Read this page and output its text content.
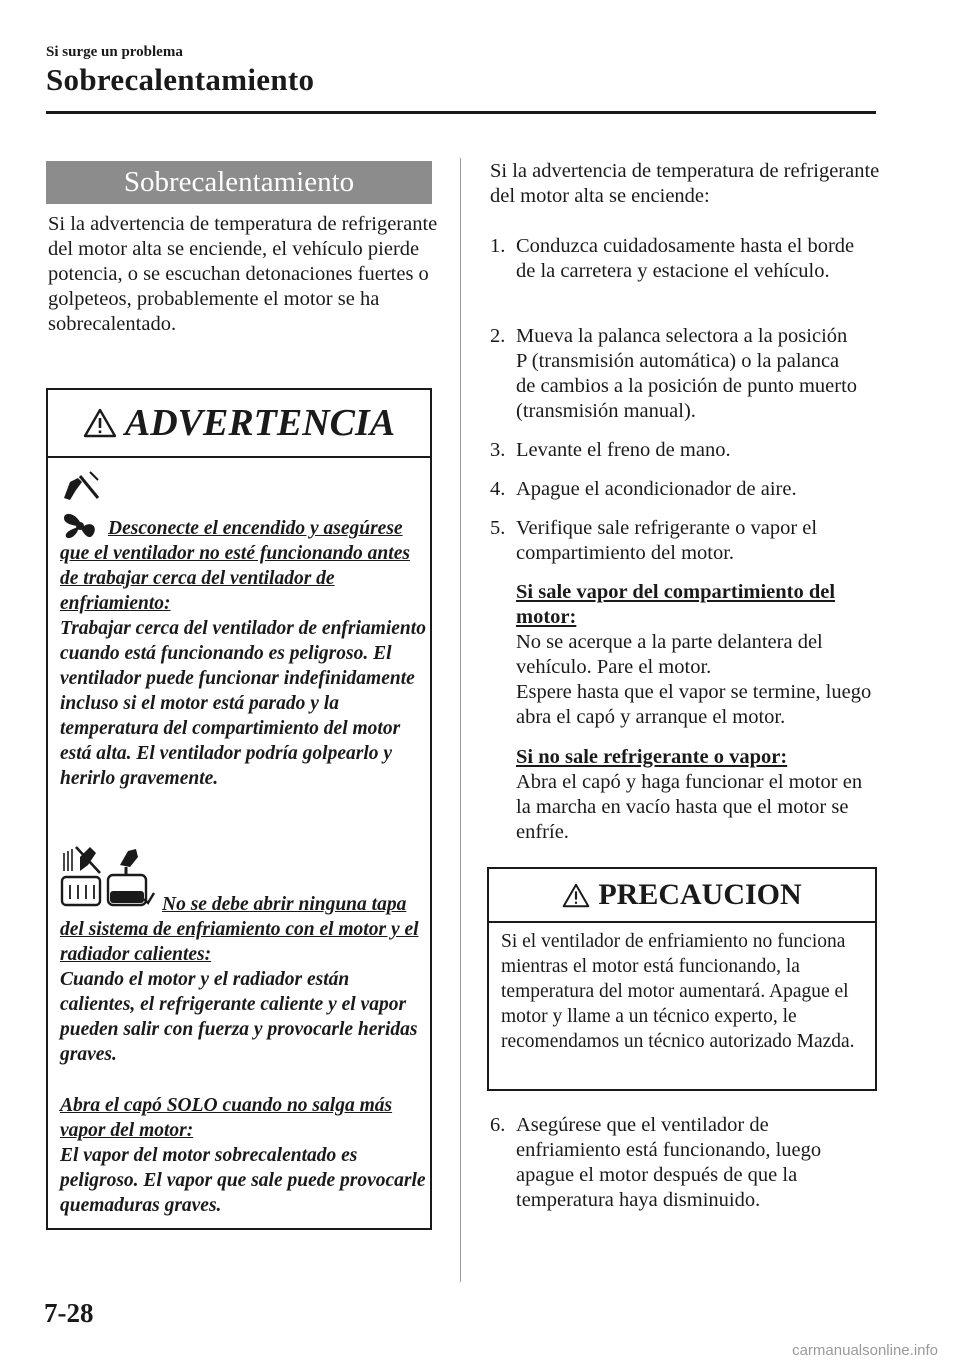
Si surge un problema
Sobrecalentamiento
Sobrecalentamiento

Si la advertencia de temperatura de refrigerante del motor alta se enciende, el vehículo pierde potencia, o se escuchan detonaciones fuertes o golpeteos, probablemente el motor se ha sobrecalentado.

ADVERTENCIA
Desconecte el encendido y asegúrese que el ventilador no esté funcionando antes de trabajar cerca del ventilador de enfriamiento:
Trabajar cerca del ventilador de enfriamiento cuando está funcionando es peligroso. El ventilador puede funcionar indefinidamente incluso si el motor está parado y la temperatura del compartimiento del motor está alta. El ventilador podría golpearlo y herirlo gravemente.
No se debe abrir ninguna tapa del sistema de enfriamiento con el motor y el radiador calientes:
Cuando el motor y el radiador están calientes, el refrigerante caliente y el vapor pueden salir con fuerza y provocarle heridas graves.
Abra el capó SOLO cuando no salga más vapor del motor:
El vapor del motor sobrecalentado es peligroso. El vapor que sale puede provocarle quemaduras graves.

Si la advertencia de temperatura de refrigerante del motor alta se enciende:

1. Conduzca cuidadosamente hasta el borde de la carretera y estacione el vehículo.
2. Mueva la palanca selectora a la posición P (transmisión automática) o la palanca de cambios a la posición de punto muerto (transmisión manual).
3. Levante el freno de mano.
4. Apague el acondicionador de aire.
5. Verifique sale refrigerante o vapor el compartimiento del motor.
Si sale vapor del compartimiento del motor:
No se acerque a la parte delantera del vehículo. Pare el motor.
Espere hasta que el vapor se termine, luego abra el capó y arranque el motor.
Si no sale refrigerante o vapor:
Abra el capó y haga funcionar el motor en la marcha en vacío hasta que el motor se enfríe.
PRECAUCION
Si el ventilador de enfriamiento no funciona mientras el motor está funcionando, la temperatura del motor aumentará. Apague el motor y llame a un técnico experto, le recomendamos un técnico autorizado Mazda.
6. Asegúrese que el ventilador de enfriamiento está funcionando, luego apague el motor después de que la temperatura haya disminuido.
7-28
carmanualsonline.info
